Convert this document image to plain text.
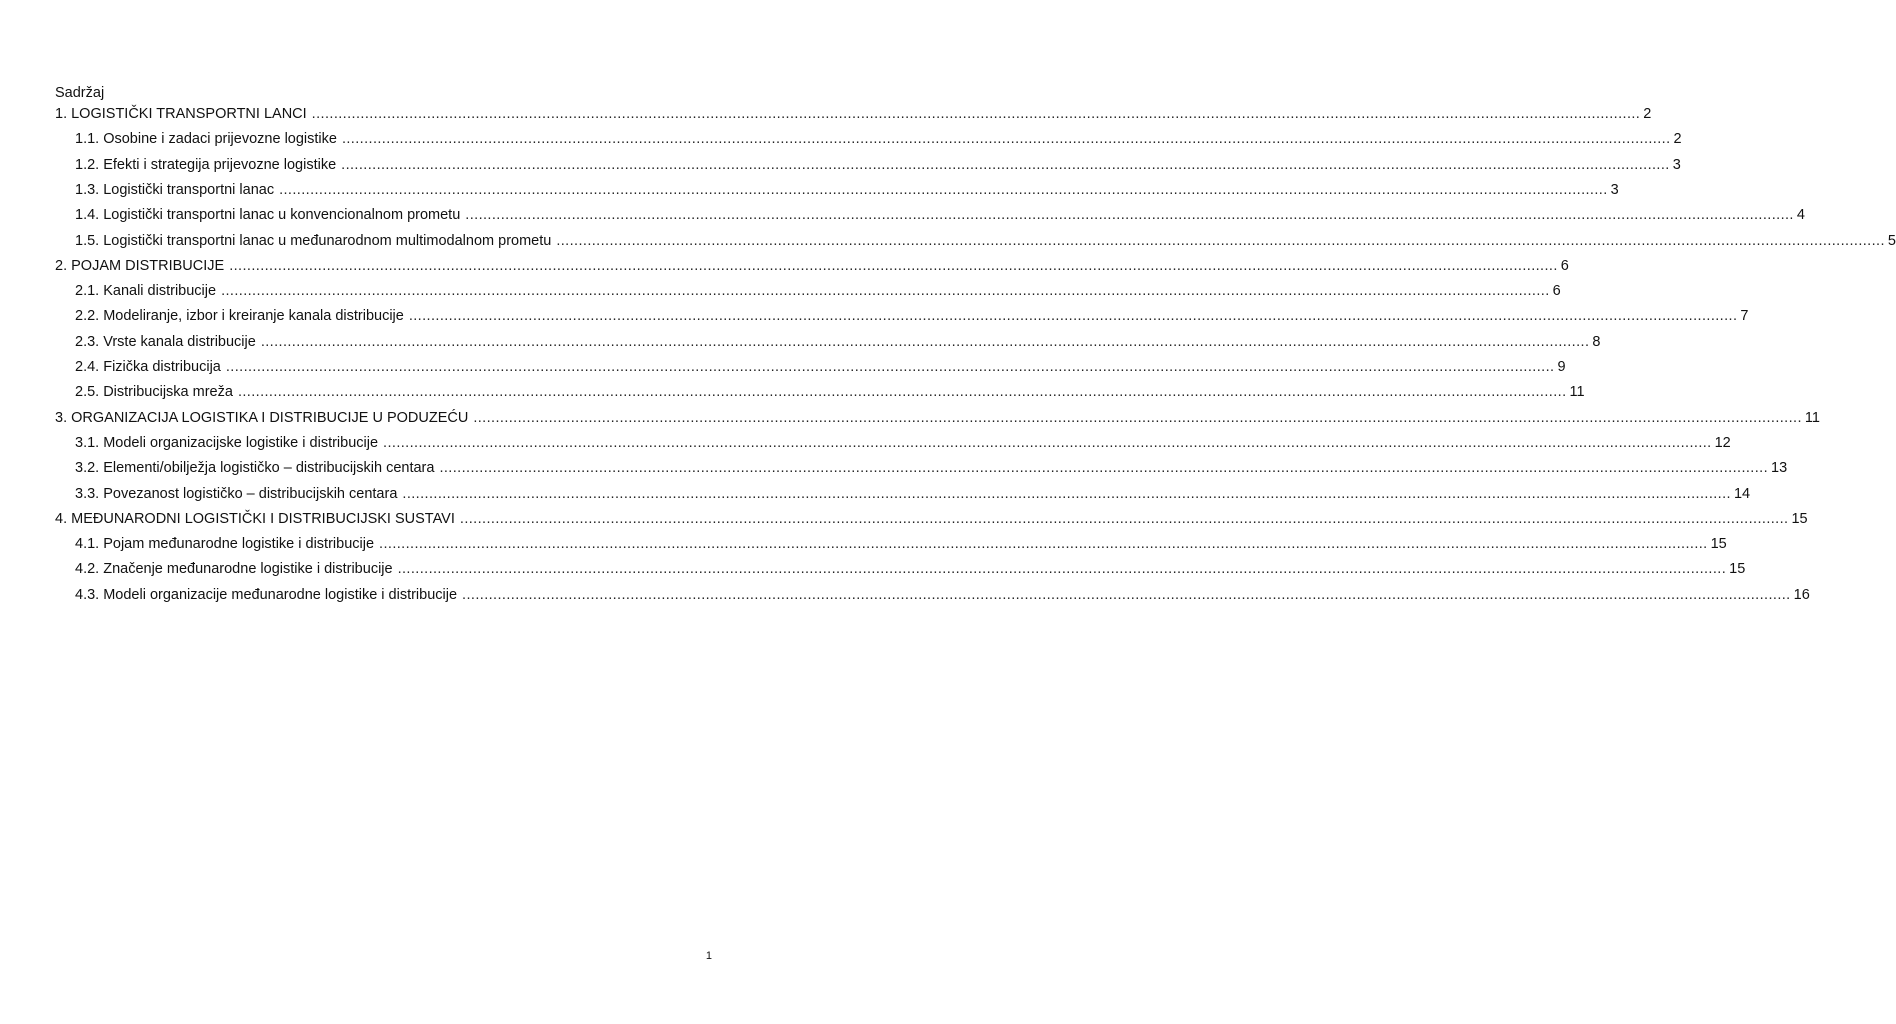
Sadržaj
1. LOGISTIČKI TRANSPORTNI LANCI ............................................................................................................................................................................................................................................................................................................ 2
1.1. Osobine i zadaci prijevozne logistike ............................................................................................................................................................................................................................................................................................................ 2
1.2. Efekti i strategija prijevozne logistike ............................................................................................................................................................................................................................................................................................................ 3
1.3. Logistički transportni lanac ............................................................................................................................................................................................................................................................................................................ 3
1.4. Logistički transportni lanac u konvencionalnom prometu ............................................................................................................................................................................................................................................................................................................ 4
1.5. Logistički transportni lanac u međunarodnom multimodalnom prometu ............................................................................................................................................................................................................................................................................................................ 5
2. POJAM DISTRIBUCIJE ............................................................................................................................................................................................................................................................................................................ 6
2.1. Kanali distribucije ............................................................................................................................................................................................................................................................................................................ 6
2.2. Modeliranje, izbor i kreiranje kanala distribucije ............................................................................................................................................................................................................................................................................................................ 7
2.3. Vrste kanala distribucije ............................................................................................................................................................................................................................................................................................................ 8
2.4. Fizička distribucija ............................................................................................................................................................................................................................................................................................................ 9
2.5. Distribucijska mreža ............................................................................................................................................................................................................................................................................................................ 11
3. ORGANIZACIJA LOGISTIKA I DISTRIBUCIJE U PODUZEĆU ............................................................................................................................................................................................................................................................................................................ 11
3.1. Modeli organizacijske logistike i distribucije ............................................................................................................................................................................................................................................................................................................ 12
3.2. Elementi/obilježja logističko – distribucijskih centara ............................................................................................................................................................................................................................................................................................................ 13
3.3. Povezanost logističko – distribucijskih centara ............................................................................................................................................................................................................................................................................................................ 14
4. MEĐUNARODNI LOGISTIČKI I DISTRIBUCIJSKI SUSTAVI ............................................................................................................................................................................................................................................................................................................ 15
4.1. Pojam međunarodne logistike i distribucije ............................................................................................................................................................................................................................................................................................................ 15
4.2. Značenje međunarodne logistike i distribucije ............................................................................................................................................................................................................................................................................................................ 15
4.3. Modeli organizacije međunarodne logistike i distribucije ............................................................................................................................................................................................................................................................................................................ 16
1
